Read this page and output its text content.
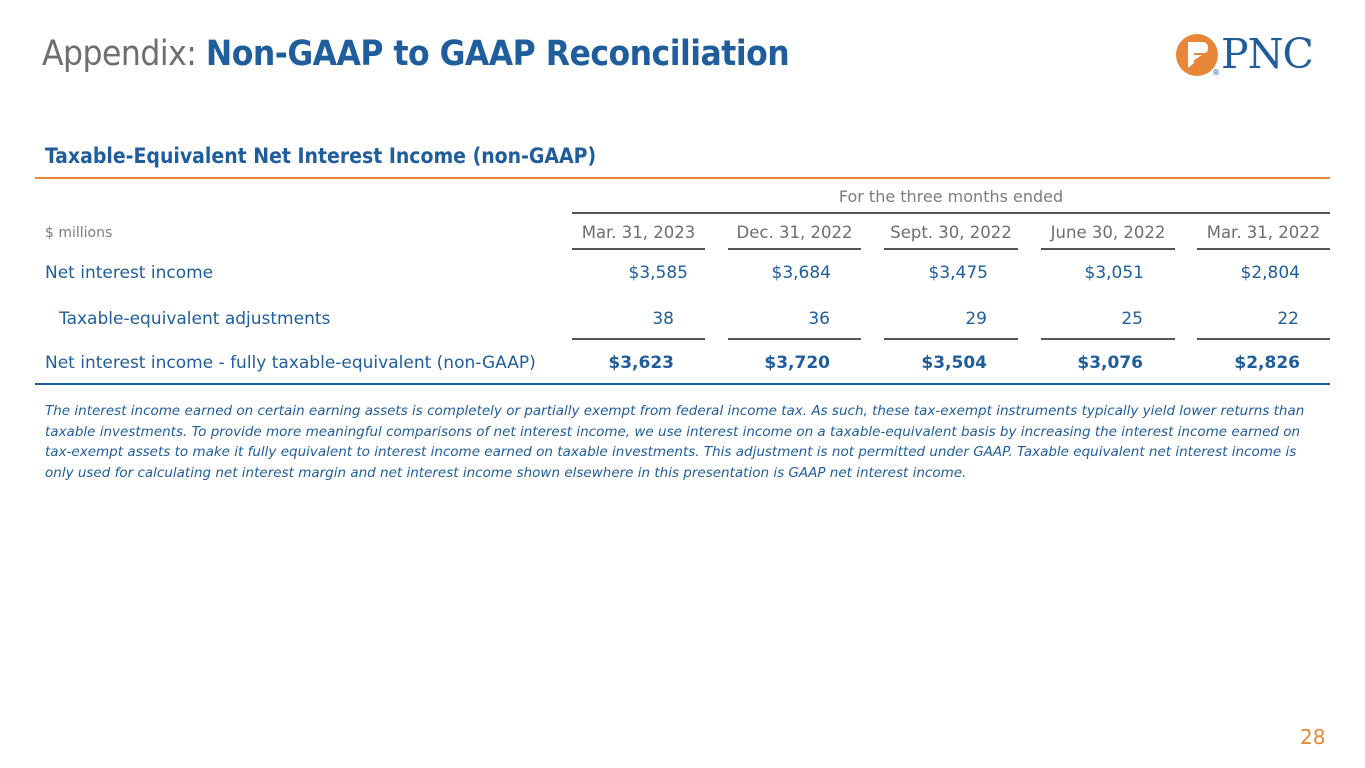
Appendix: Non-GAAP to GAAP Reconciliation	® PNC
Taxable-Equivalent Net Interest Income (non-GAAP)
For the three months ended
$ millions	Mar. 31, 2023	Dec. 31, 2022	Sept. 30, 2022	June 30, 2022	Mar. 31, 2022
Net interest income	$3,585	$3,684	$3,475	$3,051	$2,804
Taxable-equivalent adjustments	38	36	29	25	22
Net interest income - fully taxable-equivalent (non-GAAP)	$3,623	$3,720	$3,504	$3,076	$2,826
The interest income earned on certain earning assets is completely or partially exempt from federal income tax. As such, these tax-exempt instruments typically yield lower returns than taxable investments. To provide more meaningful comparisons of net interest income, we use interest income on a taxable-equivalent basis by increasing the interest income earned on tax-exempt assets to make it fully equivalent to interest income earned on taxable investments. This adjustment is not permitted under GAAP. Taxable equivalent net interest income is only used for calculating net interest margin and net interest income shown elsewhere in this presentation is GAAP net interest income.
28
